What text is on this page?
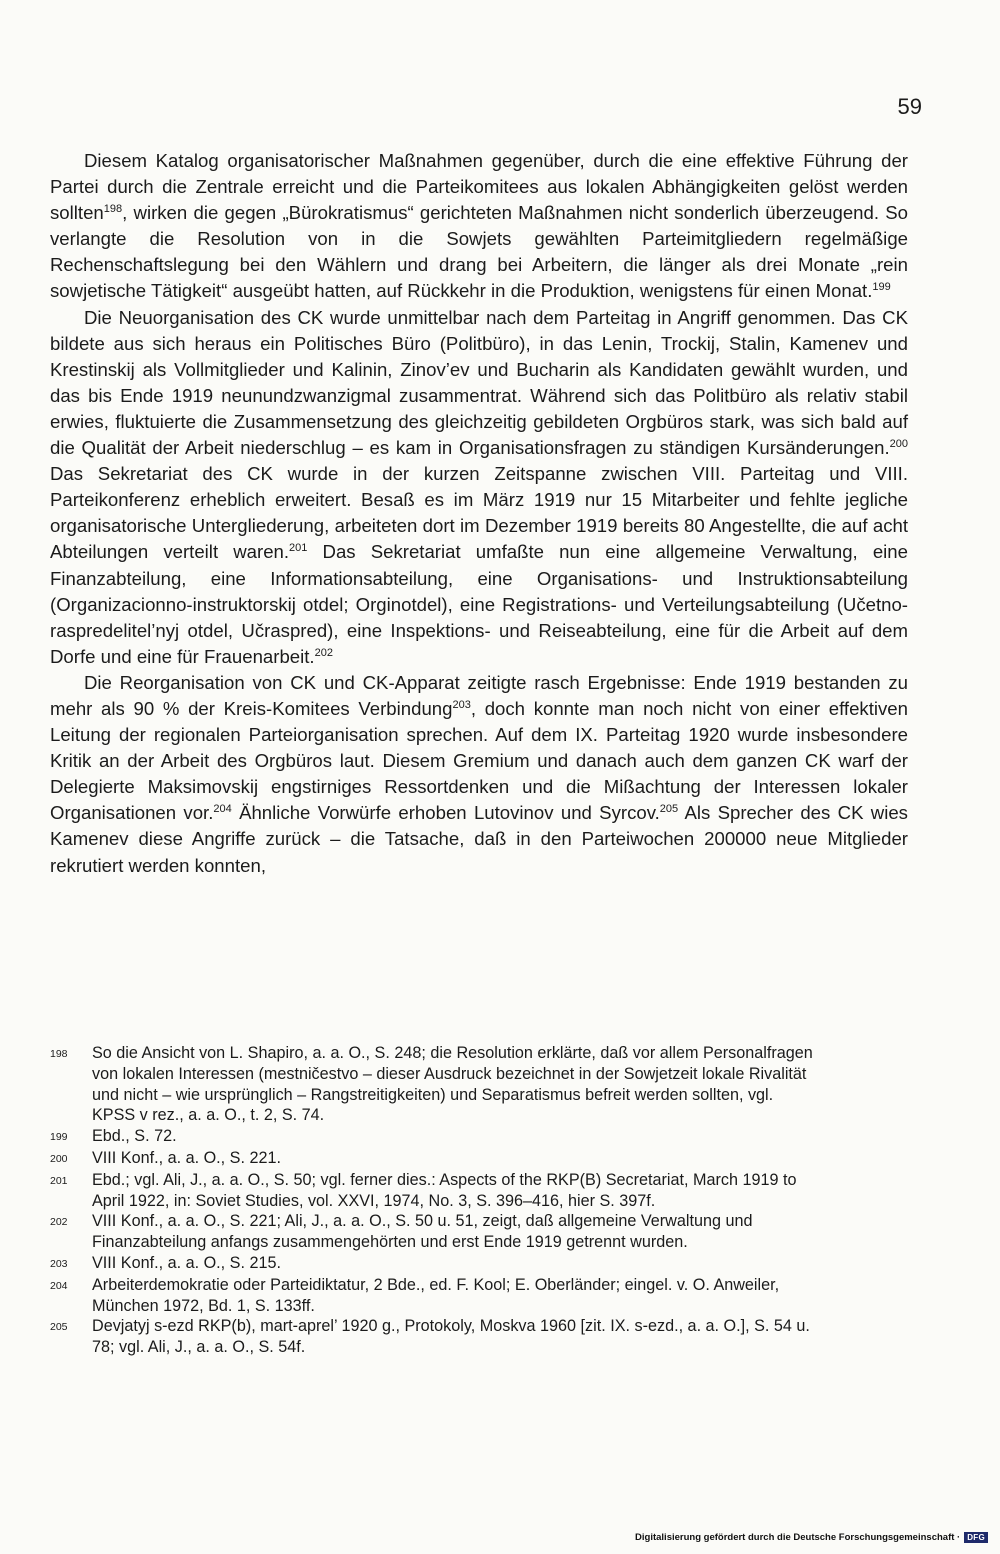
59

Diesem Katalog organisatorischer Maßnahmen gegenüber, durch die eine effektive Führung der Partei durch die Zentrale erreicht und die Parteikomitees aus lokalen Abhängigkeiten gelöst werden sollten$^{198}$, wirken die gegen „Bürokratismus“ gerichteten Maßnahmen nicht sonderlich überzeugend. So verlangte die Resolution von in die Sowjets gewählten Parteimitgliedern regelmäßige Rechenschaftslegung bei den Wählern und drang bei Arbeitern, die länger als drei Monate „rein sowjetische Tätigkeit“ ausgeübt hatten, auf Rückkehr in die Produktion, wenigstens für einen Monat.$^{199}$

Die Neuorganisation des CK wurde unmittelbar nach dem Parteitag in Angriff genommen. Das CK bildete aus sich heraus ein Politisches Büro (Politbüro), in das Lenin, Trockij, Stalin, Kamenev und Krestinskij als Vollmitglieder und Kalinin, Zinov’ev und Bucharin als Kandidaten gewählt wurden, und das bis Ende 1919 neunundzwanzigmal zusammentrat. Während sich das Politbüro als relativ stabil erwies, fluktuierte die Zusammensetzung des gleichzeitig gebildeten Orgbüros stark, was sich bald auf die Qualität der Arbeit niederschlug – es kam in Organisationsfragen zu ständigen Kursänderungen.$^{200}$ Das Sekretariat des CK wurde in der kurzen Zeitspanne zwischen VIII. Parteitag und VIII. Parteikonferenz erheblich erweitert. Besaß es im März 1919 nur 15 Mitarbeiter und fehlte jegliche organisatorische Untergliederung, arbeiteten dort im Dezember 1919 bereits 80 Angestellte, die auf acht Abteilungen verteilt waren.$^{201}$ Das Sekretariat umfaßte nun eine allgemeine Verwaltung, eine Finanzabteilung, eine Informationsabteilung, eine Organisations- und Instruktionsabteilung (Organizacionno-instruktorskij otdel; Orginotdel), eine Registrations- und Verteilungsabteilung (Učetno-raspredelitel’nyj otdel, Učraspred), eine Inspektions- und Reiseabteilung, eine für die Arbeit auf dem Dorfe und eine für Frauenarbeit.$^{202}$

Die Reorganisation von CK und CK-Apparat zeitigte rasch Ergebnisse: Ende 1919 bestanden zu mehr als 90 % der Kreis-Komitees Verbindung$^{203}$, doch konnte man noch nicht von einer effektiven Leitung der regionalen Parteiorganisation sprechen. Auf dem IX. Parteitag 1920 wurde insbesondere Kritik an der Arbeit des Orgbüros laut. Diesem Gremium und danach auch dem ganzen CK warf der Delegierte Maksimovskij engstirniges Ressortdenken und die Mißachtung der Interessen lokaler Organisationen vor.$^{204}$ Ähnliche Vorwürfe erhoben Lutovinov und Syrcov.$^{205}$ Als Sprecher des CK wies Kamenev diese Angriffe zurück – die Tatsache, daß in den Parteiwochen 200000 neue Mitglieder rekrutiert werden konnten,

198	So die Ansicht von L. Shapiro, a. a. O., S. 248; die Resolution erklärte, daß vor allem Personalfragen
von lokalen Interessen (mestničestvo – dieser Ausdruck bezeichnet in der Sowjetzeit lokale Rivalität
und nicht – wie ursprünglich – Rangstreitigkeiten) und Separatismus befreit werden sollten, vgl.
KPSS v rez., a. a. O., t. 2, S. 74.
199	Ebd., S. 72.
200	VIII Konf., a. a. O., S. 221.
201	Ebd.; vgl. Ali, J., a. a. O., S. 50; vgl. ferner dies.: Aspects of the RKP(B) Secretariat, March 1919 to
April 1922, in: Soviet Studies, vol. XXVI, 1974, No. 3, S. 396–416, hier S. 397f.
202	VIII Konf., a. a. O., S. 221; Ali, J., a. a. O., S. 50 u. 51, zeigt, daß allgemeine Verwaltung und
Finanzabteilung anfangs zusammengehörten und erst Ende 1919 getrennt wurden.
203	VIII Konf., a. a. O., S. 215.
204	Arbeiterdemokratie oder Parteidiktatur, 2 Bde., ed. F. Kool; E. Oberländer; eingel. v. O. Anweiler,
München 1972, Bd. 1, S. 133ff.
205	Devjatyj s-ezd RKP(b), mart-aprel’ 1920 g., Protokoly, Moskva 1960 [zit. IX. s-ezd., a. a. O.], S. 54 u.
78; vgl. Ali, J., a. a. O., S. 54f.
Digitalisierung gefördert durch die Deutsche Forschungsgemeinschaft · DFG
